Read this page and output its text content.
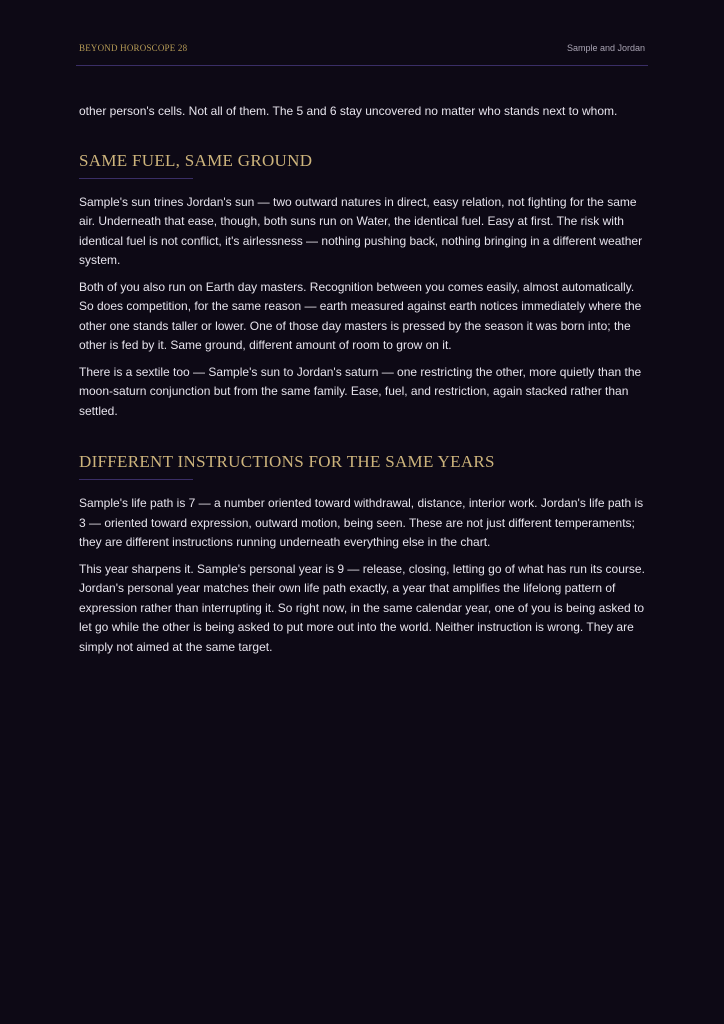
BEYOND HOROSCOPE 28	Sample and Jordan

other person's cells. Not all of them. The 5 and 6 stay uncovered no matter who stands next to whom.

SAME FUEL, SAME GROUND

Sample's sun trines Jordan's sun — two outward natures in direct, easy relation, not fighting for the same air. Underneath that ease, though, both suns run on Water, the identical fuel. Easy at first. The risk with identical fuel is not conflict, it's airlessness — nothing pushing back, nothing bringing in a different weather system.

Both of you also run on Earth day masters. Recognition between you comes easily, almost automatically. So does competition, for the same reason — earth measured against earth notices immediately where the other one stands taller or lower. One of those day masters is pressed by the season it was born into; the other is fed by it. Same ground, different amount of room to grow on it.

There is a sextile too — Sample's sun to Jordan's saturn — one restricting the other, more quietly than the moon-saturn conjunction but from the same family. Ease, fuel, and restriction, again stacked rather than settled.

DIFFERENT INSTRUCTIONS FOR THE SAME YEARS

Sample's life path is 7 — a number oriented toward withdrawal, distance, interior work. Jordan's life path is 3 — oriented toward expression, outward motion, being seen. These are not just different temperaments; they are different instructions running underneath everything else in the chart.

This year sharpens it. Sample's personal year is 9 — release, closing, letting go of what has run its course. Jordan's personal year matches their own life path exactly, a year that amplifies the lifelong pattern of expression rather than interrupting it. So right now, in the same calendar year, one of you is being asked to let go while the other is being asked to put more out into the world. Neither instruction is wrong. They are simply not aimed at the same target.
